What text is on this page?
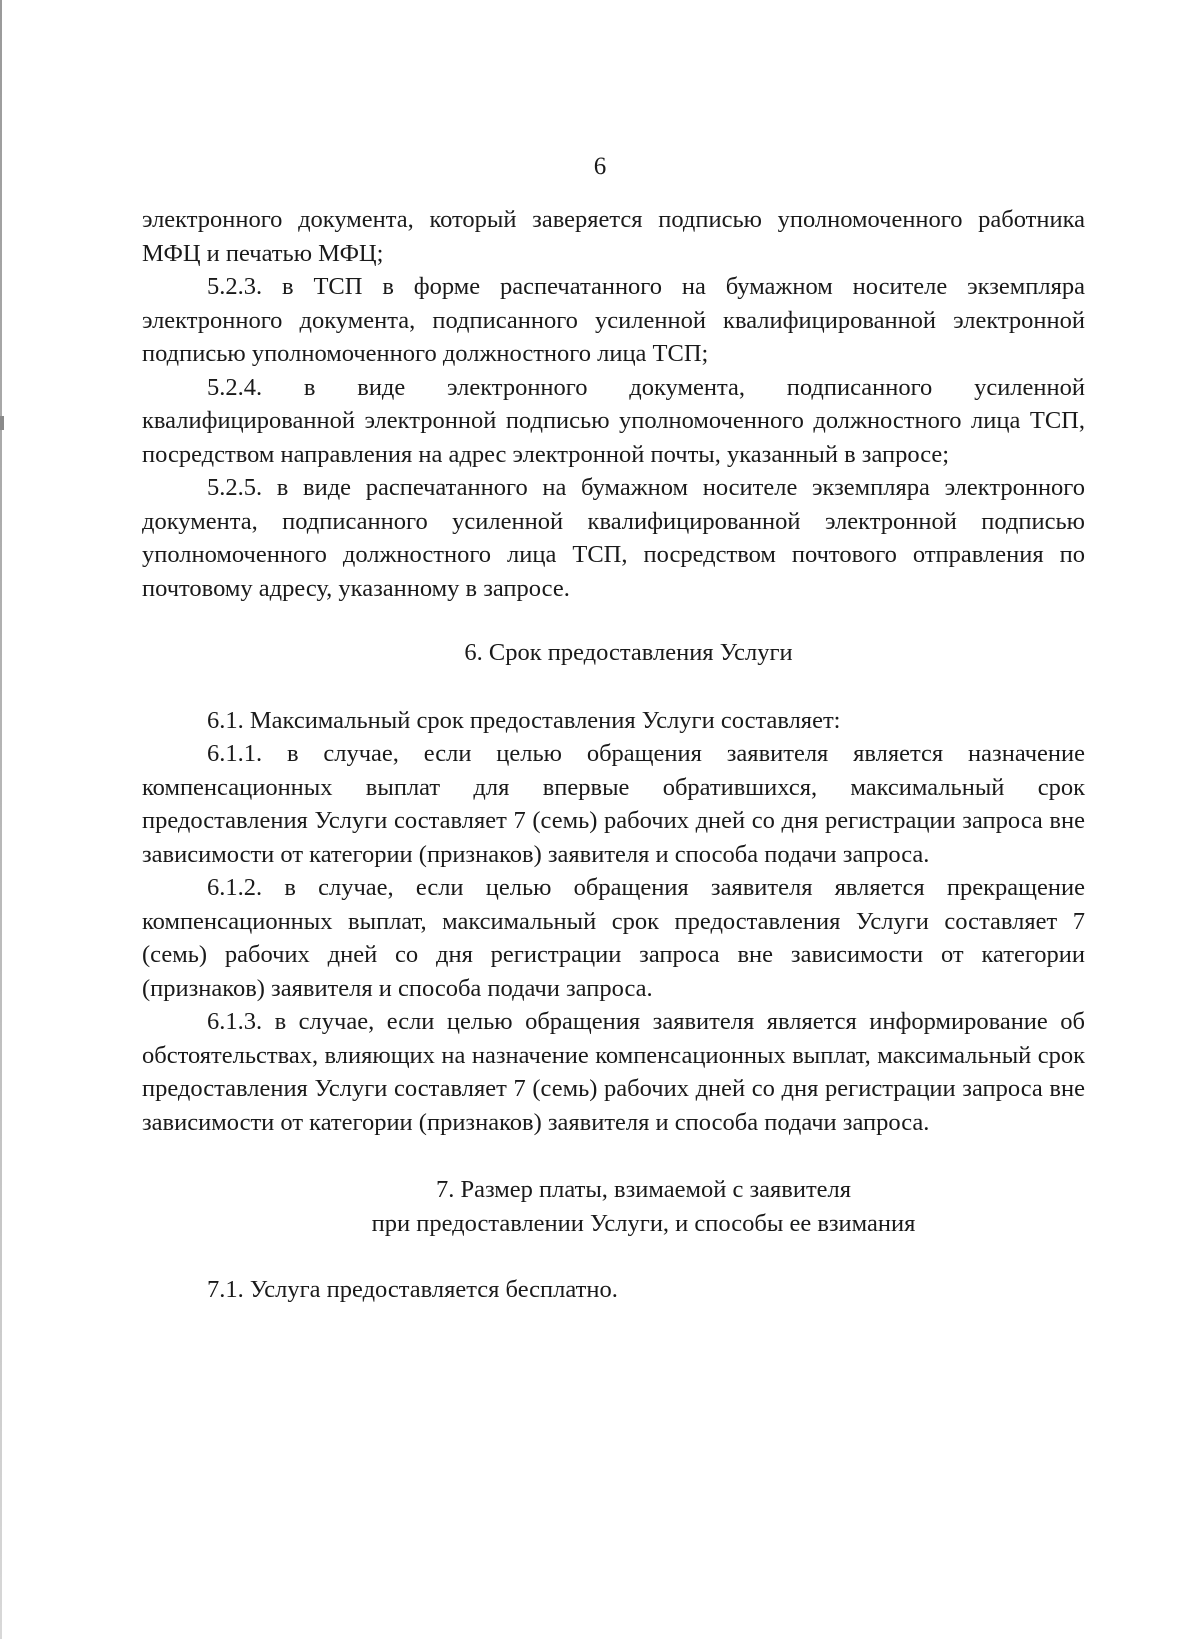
6

электронного документа, который заверяется подписью уполномоченного работника МФЦ и печатью МФЦ;

5.2.3. в ТСП в форме распечатанного на бумажном носителе экземпляра электронного документа, подписанного усиленной квалифицированной электронной подписью уполномоченного должностного лица ТСП;

5.2.4. в виде электронного документа, подписанного усиленной квалифицированной электронной подписью уполномоченного должностного лица ТСП, посредством направления на адрес электронной почты, указанный в запросе;

5.2.5. в виде распечатанного на бумажном носителе экземпляра электронного документа, подписанного усиленной квалифицированной электронной подписью уполномоченного должностного лица ТСП, посредством почтового отправления по почтовому адресу, указанному в запросе.

6. Срок предоставления Услуги

6.1. Максимальный срок предоставления Услуги составляет:

6.1.1. в случае, если целью обращения заявителя является назначение компенсационных выплат для впервые обратившихся, максимальный срок предоставления Услуги составляет 7 (семь) рабочих дней со дня регистрации запроса вне зависимости от категории (признаков) заявителя и способа подачи запроса.

6.1.2. в случае, если целью обращения заявителя является прекращение компенсационных выплат, максимальный срок предоставления Услуги составляет 7 (семь) рабочих дней со дня регистрации запроса вне зависимости от категории (признаков) заявителя и способа подачи запроса.

6.1.3. в случае, если целью обращения заявителя является информирование об обстоятельствах, влияющих на назначение компенсационных выплат, максимальный срок предоставления Услуги составляет 7 (семь) рабочих дней со дня регистрации запроса вне зависимости от категории (признаков) заявителя и способа подачи запроса.

7. Размер платы, взимаемой с заявителя
при предоставлении Услуги, и способы ее взимания

7.1. Услуга предоставляется бесплатно.
